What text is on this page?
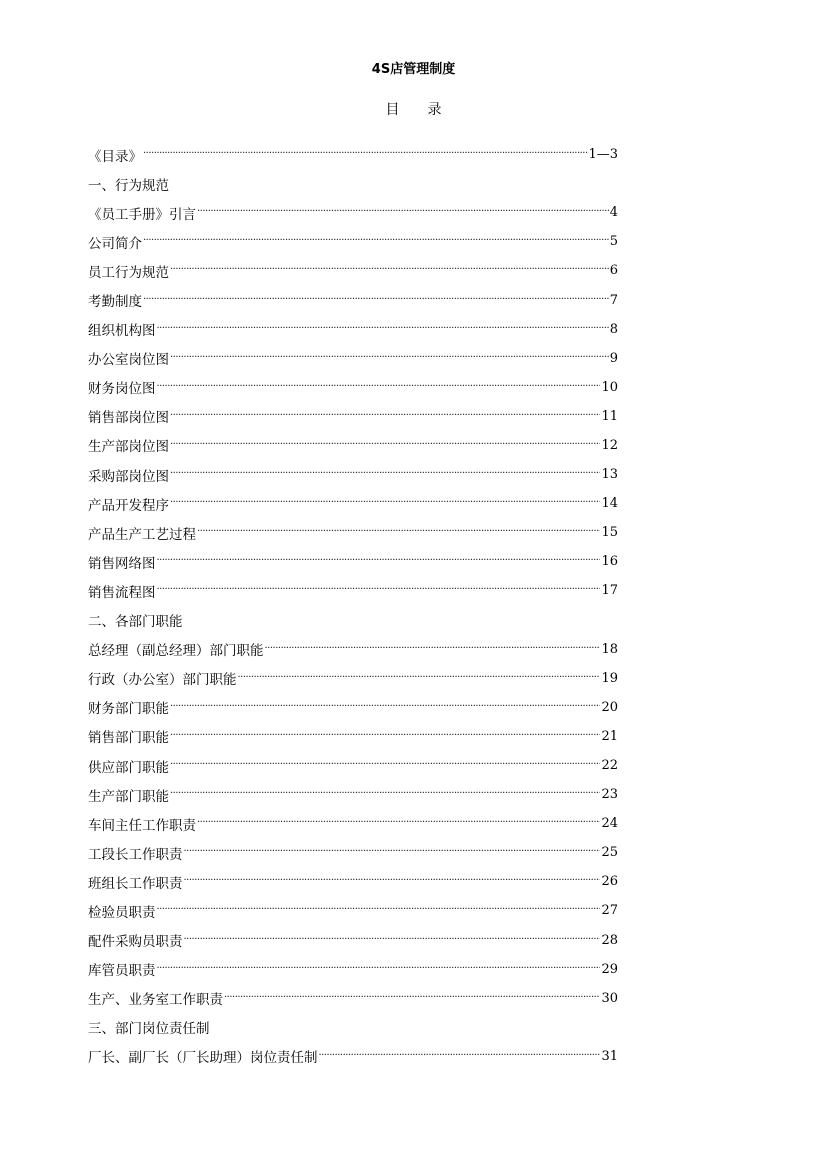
4S店管理制度
目　　录
《目录》 ·····	1—3
一、行为规范
《员工手册》引言 ·····	4
公司简介 ·····	5
员工行为规范 ·····	6
考勤制度 ·····	7
组织机构图 ·····	8
办公室岗位图 ·····	9
财务岗位图 ·····	10
销售部岗位图 ·····	11
生产部岗位图 ·····	12
采购部岗位图 ·····	13
产品开发程序 ·····	14
产品生产工艺过程 ·····	15
销售网络图 ·····	16
销售流程图 ·····	17
二、各部门职能
总经理（副总经理）部门职能 ·····	18
行政（办公室）部门职能 ·····	19
财务部门职能 ·····	20
销售部门职能 ·····	21
供应部门职能 ·····	22
生产部门职能 ·····	23
车间主任工作职责 ·····	24
工段长工作职责 ·····	25
班组长工作职责 ·····	26
检验员职责 ·····	27
配件采购员职责 ·····	28
库管员职责 ·····	29
生产、业务室工作职责 ·····	30
三、部门岗位责任制
厂长、副厂长（厂长助理）岗位责任制 ·····	31
